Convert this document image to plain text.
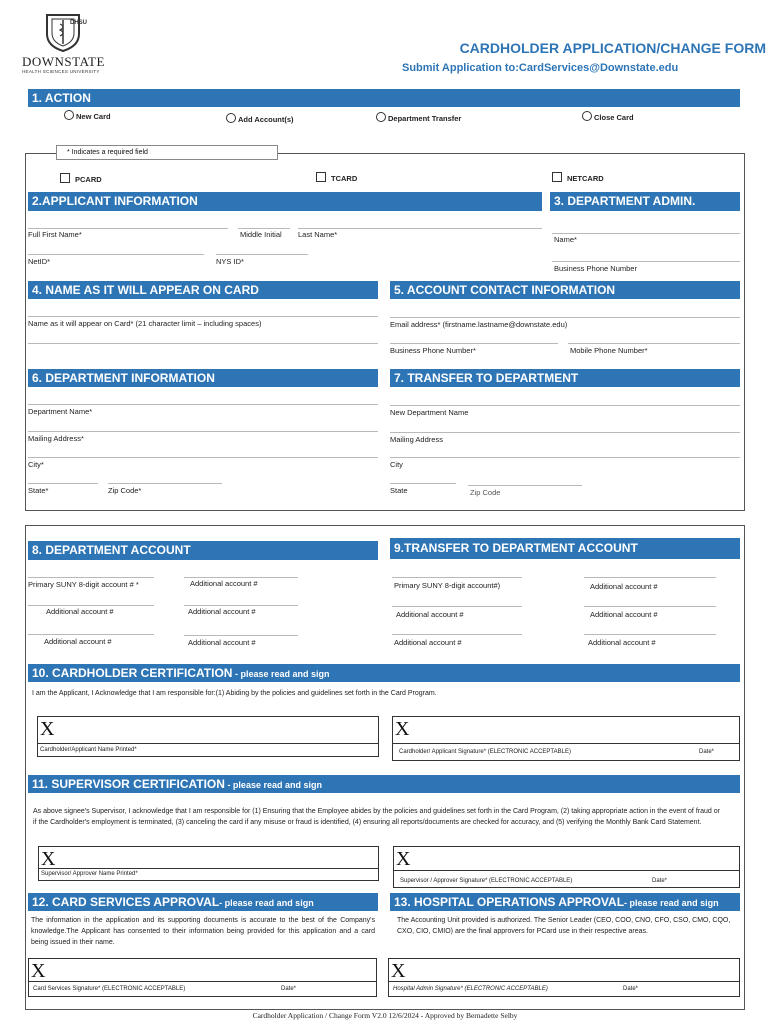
DHSU
DOWNSTATE
HEALTH SCIENCES UNIVERSITY
CARDHOLDER APPLICATION/CHANGE FORM
Submit Application to:CardServices@Downstate.edu
1. ACTION
New Card	Add Account(s)	Department Transfer	Close Card
* Indicates a required field
PCARD	TCARD	NETCARD
2.APPLICANT INFORMATION	3. DEPARTMENT ADMIN.
Full First Name*	Middle Initial Last Name*
Name*
NetID*	NYS ID*
Business Phone Number
4. NAME AS IT WILL APPEAR ON CARD	5. ACCOUNT CONTACT INFORMATION
Name as it will appear on Card* (21 character limit – including spaces)	Email address* (firstname.lastname@downstate.edu)
Business Phone Number*	Mobile Phone Number*
6. DEPARTMENT INFORMATION	7. TRANSFER TO DEPARTMENT
Department Name*
Mailing Address*
City*
State*	Zip Code*
New Department Name
Mailing Address
City
State	Zip Code
8. DEPARTMENT ACCOUNT	9.TRANSFER TO DEPARTMENT ACCOUNT
Primary SUNY 8-digit account # *	Additional account #
Additional account #	Additional account #
Additional account #	Additional account #
Primary SUNY 8-digit account#)	Additional account #
Additional account #	Additional account #
Additional account #	Additional account #
10. CARDHOLDER CERTIFICATION - please read and sign
I am the Applicant, I Acknowledge that I am responsible for:(1) Abiding by the policies and guidelines set forth in the Card Program.
X
Cardholder/Applicant Name Printed*
X
Cardholder/ Applicant Signature* (ELECTRONIC ACCEPTABLE)	Date*
11. SUPERVISOR CERTIFICATION - please read and sign
As above signee's Supervisor, I acknowledge that I am responsible for (1) Ensuring that the Employee abides by the policies and guidelines set forth in the Card Program, (2) taking appropriate action in the event of fraud or if the Cardholder's employment is terminated, (3) canceling the card if any misuse or fraud is identified, (4) ensuring all reports/documents are checked for accuracy, and (5) verifying the Monthly Bank Card Statement.
X
Supervisor/ Approver Name Printed*
X
Supervisor / Approver Signature* (ELECTRONIC ACCEPTABLE)	Date*
12. CARD SERVICES APPROVAL- please read and sign	13. HOSPITAL OPERATIONS APPROVAL- please read and sign
The information in the application and its supporting documents is accurate to the best of the Company's knowledge.The Applicant has consented to their information being provided for this application and a card being issued in their name.
The Accounting Unit provided is authorized. The Senior Leader (CEO, COO, CNO, CFO, CSO, CMO, CQO, CXO, CIO, CMIO) are the final approvers for PCard use in their respective areas.
X
Card Services Signature* (ELECTRONIC ACCEPTABLE)	Date*
X
Hospital Admin Signature* (ELECTRONIC ACCEPTABLE)	Date*
Cardholder Application / Change Form V2.0 12/6/2024 - Approved by Bernadette Selby
